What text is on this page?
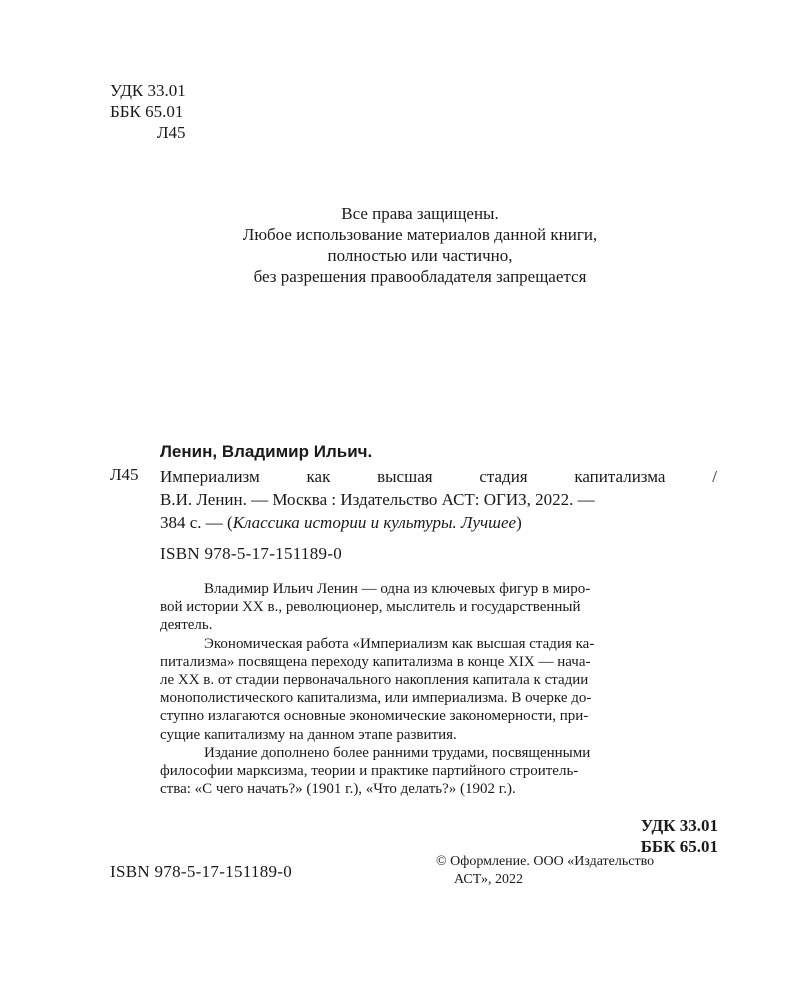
УДК 33.01
ББК 65.01
Л45
Все права защищены.
Любое использование материалов данной книги,
полностью или частично,
без разрешения правообладателя запрещается
Ленин, Владимир Ильич.
Л45 Империализм	как	высшая	стадия	капитализма	/
В.И. Ленин. — Москва : Издательство АСТ: ОГИЗ, 2022. —
384 с. — (Классика истории и культуры. Лучшее)
ISBN 978-5-17-151189-0
Владимир Ильич Ленин — одна из ключевых фигур в миро-
вой истории XX в., революционер, мыслитель и государственный
деятель.
Экономическая работа «Империализм как высшая стадия ка-
питализма» посвящена переходу капитализма в конце XIX — нача-
ле XX в. от стадии первоначального накопления капитала к стадии
монополистического капитализма, или империализма. В очерке до-
ступно излагаются основные экономические закономерности, при-
сущие капитализму на данном этапе развития.
Издание дополнено более ранними трудами, посвященными
философии марксизма, теории и практике партийного строитель-
ства: «С чего начать?» (1901 г.), «Что делать?» (1902 г.).
УДК 33.01
ББК 65.01
ISBN 978-5-17-151189-0
© Оформление. ООО «Издательство
АСТ», 2022
